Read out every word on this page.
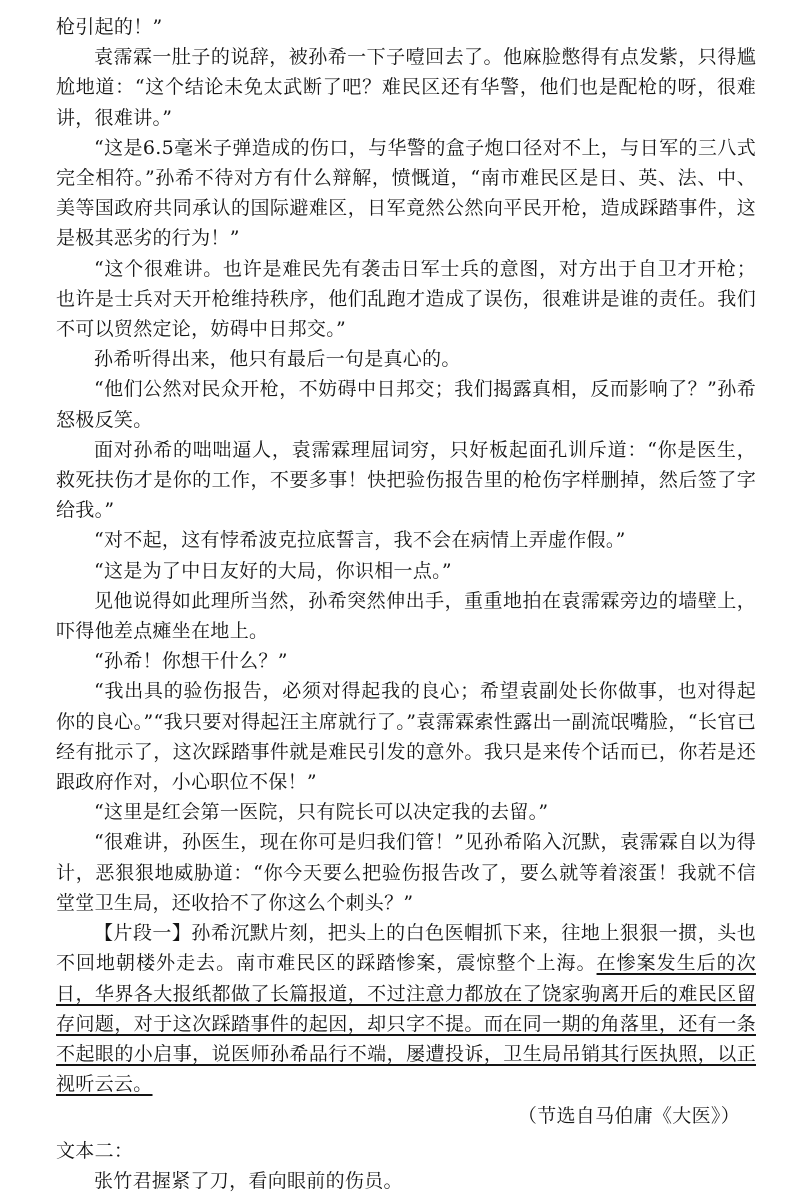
枪引起的！”

袁霈霖一肚子的说辞，被孙希一下子噎回去了。他麻脸憋得有点发紫，只得尴尬地道：“这个结论未免太武断了吧？难民区还有华警，他们也是配枪的呀，很难讲，很难讲。”

“这是6.5毫米子弹造成的伤口，与华警的盒子炮口径对不上，与日军的三八式完全相符。”孙希不待对方有什么辩解，愤慨道，“南市难民区是日、英、法、中、美等国政府共同承认的国际避难区，日军竟然公然向平民开枪，造成踩踏事件，这是极其恶劣的行为！”

“这个很难讲。也许是难民先有袭击日军士兵的意图，对方出于自卫才开枪；也许是士兵对天开枪维持秩序，他们乱跑才造成了误伤，很难讲是谁的责任。我们不可以贸然定论，妨碍中日邦交。”

孙希听得出来，他只有最后一句是真心的。

“他们公然对民众开枪，不妨碍中日邦交；我们揭露真相，反而影响了？”孙希怒极反笑。

面对孙希的咄咄逼人，袁霈霖理屈词穷，只好板起面孔训斥道：“你是医生，救死扶伤才是你的工作，不要多事！快把验伤报告里的枪伤字样删掉，然后签了字给我。”

“对不起，这有悖希波克拉底誓言，我不会在病情上弄虚作假。”

“这是为了中日友好的大局，你识相一点。”

见他说得如此理所当然，孙希突然伸出手，重重地拍在袁霈霖旁边的墙壁上，吓得他差点瘫坐在地上。

“孙希！你想干什么？”

“我出具的验伤报告，必须对得起我的良心；希望袁副处长你做事，也对得起你的良心。”“我只要对得起汪主席就行了。”袁霈霖索性露出一副流氓嘴脸，“长官已经有批示了，这次踩踏事件就是难民引发的意外。我只是来传个话而已，你若是还跟政府作对，小心职位不保！”

“这里是红会第一医院，只有院长可以决定我的去留。”

“很难讲，孙医生，现在你可是归我们管！”见孙希陷入沉默，袁霈霖自以为得计，恶狠狠地威胁道：“你今天要么把验伤报告改了，要么就等着滚蛋！我就不信堂堂卫生局，还收拾不了你这么个刺头？”

【片段一】孙希沉默片刻，把头上的白色医帽抓下来，往地上狠狠一掼，头也不回地朝楼外走去。南市难民区的踩踏惨案，震惊整个上海。在惨案发生后的次日，华界各大报纸都做了长篇报道，不过注意力都放在了饶家驹离开后的难民区留存问题，对于这次踩踏事件的起因，却只字不提。而在同一期的角落里，还有一条不起眼的小启事，说医师孙希品行不端，屡遭投诉，卫生局吊销其行医执照，以正视听云云。

（节选自马伯庸《大医》）

文本二：

张竹君握紧了刀，看向眼前的伤员。
